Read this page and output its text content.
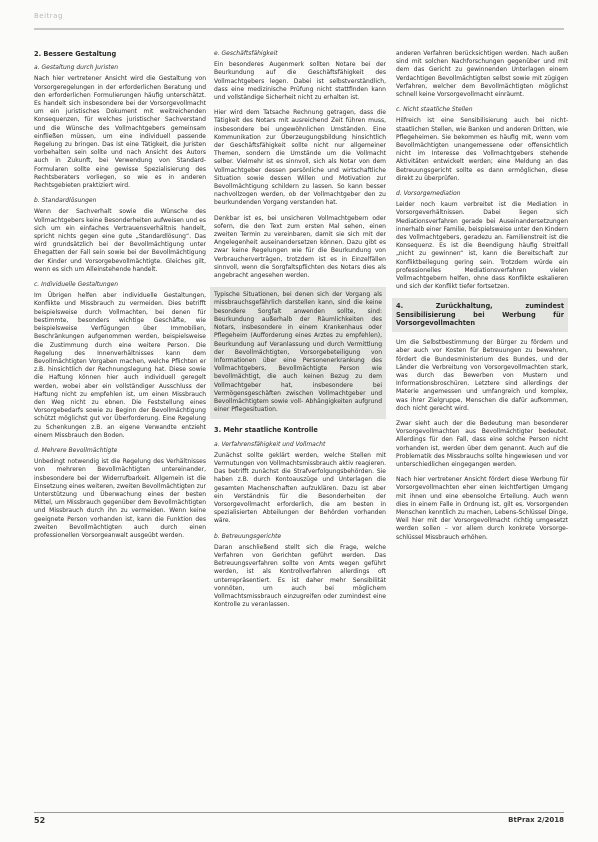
Beitrag
2. Bessere Gestaltung
a. Gestaltung durch Juristen

Nach hier vertretener Ansicht wird die Gestaltung von Vorsorgeregelungen in der erforderlichen Beratung und den erforderlichen Formulierungen häufig unterschätzt. Es handelt sich insbesondere bei der Vorsorgevollmacht um ein juristisches Dokument mit weitreichenden Konsequenzen, für welches juristischer Sachverstand und die Wünsche des Vollmachtgebers gemeinsam einfließen müssen, um eine individuell passende Regelung zu bringen. Das ist eine Tätigkeit, die Juristen vorbehalten sein sollte und nach Ansicht des Autors auch in Zukunft, bei Verwendung von Standard-Formularen sollte eine gewisse Spezialisierung des Rechtsberaters vorliegen, so wie es in anderen Rechtsgebieten praktiziert wird.

b. Standardlösungen

Wenn der Sachverhalt sowie die Wünsche des Vollmachtgebers keine Besonderheiten aufweisen und es sich um ein einfaches Vertrauensverhältnis handelt, spricht nichts gegen eine gute „Standardlösung“. Das wird grundsätzlich bei der Bevollmächtigung unter Ehegatten der Fall sein sowie bei der Bevollmächtigung der Kinder und Vorsorgebevollmächtigte. Gleiches gilt, wenn es sich um Alleinstehende handelt.

c. Individuelle Gestaltungen

Im Übrigen helfen aber individuelle Gestaltungen, Konflikte und Missbrauch zu vermeiden. Dies betrifft beispielsweise durch Vollmachten, bei denen für bestimmte, besonders wichtige Geschäfte, wie beispielsweise Verfügungen über Immobilien, Beschränkungen aufgenommen werden, beispielsweise die Zustimmung durch eine weitere Person. Die Regelung des Innenverhältnisses kann dem Bevollmächtigten Vorgaben machen, welche Pflichten er z.B. hinsichtlich der Rechnungslegung hat. Diese sowie die Haftung können hier auch individuell geregelt werden, wobei aber ein vollständiger Ausschluss der Haftung nicht zu empfehlen ist, um einen Missbrauch den Weg nicht zu ebnen. Die Feststellung eines Vorsorgebedarfs sowie zu Beginn der Bevollmächtigung schützt möglichst gut vor Überforderung. Eine Regelung zu Schenkungen z.B. an eigene Verwandte entzieht einem Missbrauch den Boden.

d. Mehrere Bevollmächtigte

Unbedingt notwendig ist die Regelung des Verhältnisses von mehreren Bevollmächtigten untereinander, insbesondere bei der Widerrufbarkeit. Allgemein ist die Einsetzung eines weiteren, zweiten Bevollmächtigten zur Unterstützung und Überwachung eines der besten Mittel, um Missbrauch gegenüber dem Bevollmächtigten und Missbrauch durch ihn zu vermeiden. Wenn keine geeignete Person vorhanden ist, kann die Funktion des zweiten Bevollmächtigten auch durch einen professionellen Vorsorgeanwalt ausgeübt werden.

e. Geschäftsfähigkeit

Ein besonderes Augenmerk sollten Notare bei der Beurkundung auf die Geschäftsfähigkeit des Vollmachtgebers legen. Dabei ist selbstverständlich, dass eine medizinische Prüfung nicht stattfinden kann und vollständige Sicherheit nicht zu erhalten ist.

Hier wird dem Tatsache Rechnung getragen, dass die Tätigkeit des Notars mit ausreichend Zeit führen muss, insbesondere bei ungewöhnlichen Umständen. Eine Kommunikation zur Überzeugungsbildung hinsichtlich der Geschäftsfähigkeit sollte nicht nur allgemeiner Themen, sondern die Umstände um die Vollmacht selber. Vielmehr ist es sinnvoll, sich als Notar von dem Vollmachtgeber dessen persönliche und wirtschaftliche Situation sowie dessen Willen und Motivation zur Bevollmächtigung schildern zu lassen. So kann besser nachvollzogen werden, ob der Vollmachtgeber den zu beurkundenden Vorgang verstanden hat.

Denkbar ist es, bei unsicheren Vollmachtgebern oder sofern, die den Text zum ersten Mal sehen, einen zweiten Termin zu vereinbaren, damit sie sich mit der Angelegenheit auseinandersetzen können. Dazu gibt es zwar keine Regelungen wie für die Beurkundung von Verbraucherverträgen, trotzdem ist es in Einzelfällen sinnvoll, wenn die Sorgfaltspflichten des Notars dies als angebracht angesehen werden.

Typische Situationen, bei denen sich der Vorgang als missbrauchsgefährlich darstellen kann, sind die keine besondere Sorgfalt anwenden sollte, sind: Beurkundung außerhalb der Räumlichkeiten des Notars, insbesondere in einem Krankenhaus oder Pflegeheim (Aufforderung eines Arztes zu empfehlen), Beurkundung auf Veranlassung und durch Vermittlung der Bevollmächtigten, Vorsorgebeteiligung von Informationen über eine Personenerkrankung des Vollmachtgebers, Bevollmächtigte Person wie bevollmächtigt, die auch keinen Bezug zu dem Vollmachtgeber hat, insbesondere bei Vermögensgeschäften zwischen Vollmachtgeber und Bevollmächtigtem sowie voll- Abhängigkeiten aufgrund einer Pflegesituation.

3. Mehr staatliche Kontrolle
a. Verfahrensfähigkeit und Vollmacht

Zunächst sollte geklärt werden, welche Stellen mit Vermutungen von Vollmachtsmissbrauch aktiv reagieren. Das betrifft zunächst die Strafverfolgungsbehörden. Sie haben z.B. durch Kontoauszüge und Unterlagen die gesamten Machenschaften aufzuklären. Dazu ist aber ein Verständnis für die Besonderheiten der Vorsorgevollmacht erforderlich, die am besten in spezialisierten Abteilungen der Behörden vorhanden wäre.

b. Betreuungsgerichte

Daran anschließend stellt sich die Frage, welche Verfahren von Gerichten geführt werden. Das Betreuungsverfahren sollte von Amts wegen geführt werden, ist als Kontrollverfahren allerdings oft unterrepräsentiert. Es ist daher mehr Sensibilität vonnöten, um auch bei möglichem Vollmachtsmissbrauch einzugreifen oder zumindest eine Kontrolle zu veranlassen.

anderen Verfahren berücksichtigen werden. Nach außen sind mit solchen Nachforschungen gegenüber und mit dem das Gericht zu gewinnenden Unterlagen einem Verdachtigen Bevollmächtigten selbst sowie mit zügigen Verfahren, welcher dem Bevollmächtigten möglichst schnell keine Vorsorgevollmacht einräumt.

c. Nicht staatliche Stellen

Hilfreich ist eine Sensibilisierung auch bei nicht-staatlichen Stellen, wie Banken und anderen Dritten, wie Pflegeheimen. Sie bekommen es häufig mit, wenn vom Bevollmächtigten unangemessene oder offensichtlich nicht im Interesse des Vollmachtgebers stehende Aktivitäten entwickelt werden; eine Meldung an das Betreuungsgericht sollte es dann ermöglichen, diese direkt zu überprüfen.

d. Vorsorgemediation

Leider noch kaum verbreitet ist die Mediation in Vorsorgeverhältnissen. Dabei liegen sich Mediationsverfahren gerade bei Auseinandersetzungen innerhalb einer Familie, beispielsweise unter den Kindern des Vollmachtgebers, geradezu an. Familienstreit ist die Konsequenz. Es ist die Beendigung häufig Streitfall „nicht zu gewinnen“ ist, kann die Bereitschaft zur Konfliktbeilegung gering sein. Trotzdem würde ein professionelles Mediationsverfahren vielen Vollmachtgebern helfen, ohne dass Konflikte eskalieren und sich der Konflikt tiefer fortsetzen.

4. Zurückhaltung, zumindest Sensibilisierung bei Werbung für Vorsorgevollmachten

Um die Selbstbestimmung der Bürger zu fördern und aber auch vor Kosten für Betreuungen zu bewahren, fördert die Bundesministerium des Bundes, und der Länder die Verbreitung von Vorsorgevollmachten stark, was durch das Bewerben von Mustern und Informationsbroschüren. Letztere sind allerdings der Materie angemessen und umfangreich und komplex, was ihrer Zielgruppe, Menschen die dafür aufkommen, doch nicht gerecht wird.

Zwar sieht auch der die Bedeutung man besonderer Vorsorgevollmachten aus Bevollmächtigter bedeutet. Allerdings für den Fall, dass eine solche Person nicht vorhanden ist, werden über dem genannt. Auch auf die Problematik des Missbrauchs sollte hingewiesen und vor unterschiedlichen eingegangen werden.

Nach hier vertretener Ansicht fördert diese Werbung für Vorsorgevollmachten eher einen leichtfertigen Umgang mit ihnen und eine ebensolche Erteilung. Auch wenn dies in einem Falle in Ordnung ist, gilt es, Vorsorgenden Menschen kenntlich zu machen, Lebens-Schlüssel Dinge, Weil hier mit der Vorsorgevollmacht richtig umgesetzt werden sollen – vor allem durch konkrete Vorsorge-schlüssel Missbrauch erhöhen.

52	BtPrax 2/2018
